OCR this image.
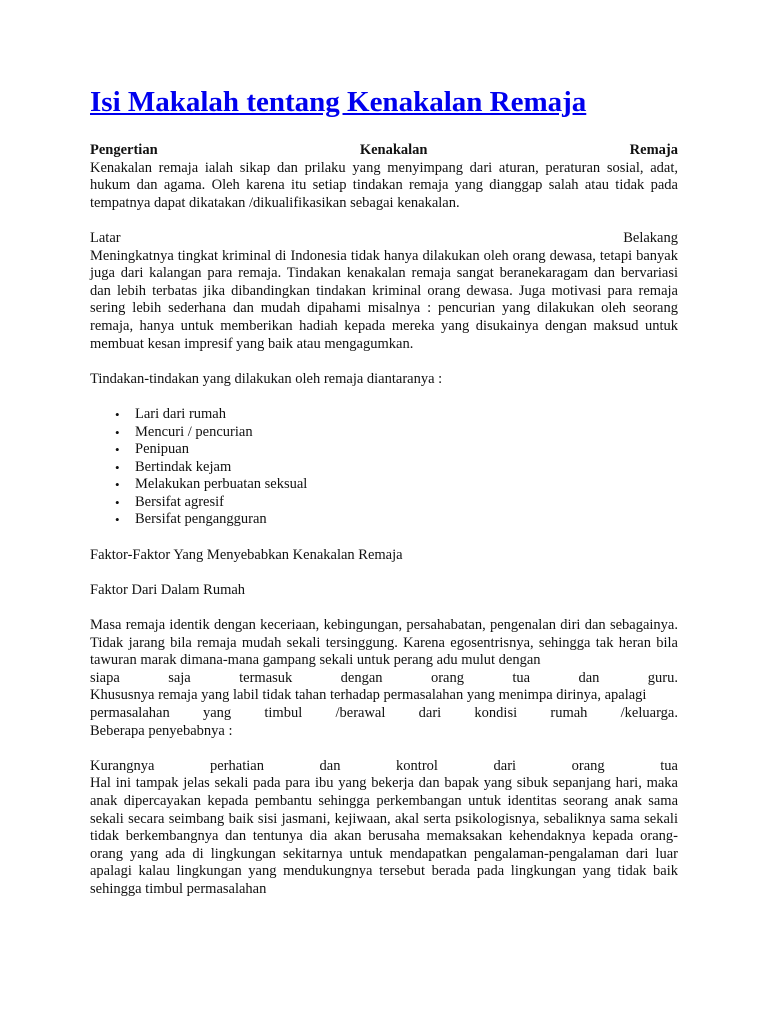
Isi Makalah tentang Kenakalan Remaja
Pengertian	Kenakalan	Remaja

Kenakalan remaja ialah sikap dan prilaku yang menyimpang dari aturan, peraturan sosial, adat, hukum dan agama. Oleh karena itu setiap tindakan remaja yang dianggap salah atau tidak pada tempatnya dapat dikatakan /dikualifikasikan sebagai kenakalan.

Latar	Belakang

Meningkatnya tingkat kriminal di Indonesia tidak hanya dilakukan oleh orang dewasa, tetapi banyak juga dari kalangan para remaja. Tindakan kenakalan remaja sangat beranekaragam dan bervariasi dan lebih terbatas jika dibandingkan tindakan kriminal orang dewasa. Juga motivasi para remaja sering lebih sederhana dan mudah dipahami misalnya : pencurian yang dilakukan oleh seorang remaja, hanya untuk memberikan hadiah kepada mereka yang disukainya dengan maksud untuk membuat kesan impresif yang baik atau mengagumkan.

Tindakan-tindakan yang dilakukan oleh remaja diantaranya :

• Lari dari rumah
• Mencuri / pencurian
• Penipuan
• Bertindak kejam
• Melakukan perbuatan seksual
• Bersifat agresif
• Bersifat pengangguran

Faktor-Faktor Yang Menyebabkan Kenakalan Remaja

Faktor Dari Dalam Rumah

Masa remaja identik dengan keceriaan, kebingungan, persahabatan, pengenalan diri dan sebagainya. Tidak jarang bila remaja mudah sekali tersinggung. Karena egosentrisnya, sehingga tak heran bila tawuran marak dimana-mana gampang sekali untuk perang adu mulut dengan

siapa	saja	termasuk	dengan	orang	tua	dan	guru.

Khususnya remaja yang labil tidak tahan terhadap permasalahan yang menimpa dirinya, apalagi

permasalahan yang timbul /berawal dari kondisi rumah /keluarga.

Beberapa penyebabnya :

Kurangnya	perhatian	dan	kontrol	dari	orang	tua

Hal ini tampak jelas sekali pada para ibu yang bekerja dan bapak yang sibuk sepanjang hari, maka anak dipercayakan kepada pembantu sehingga perkembangan untuk identitas seorang anak sama sekali secara seimbang baik sisi jasmani, kejiwaan, akal serta psikologisnya, sebaliknya sama sekali tidak berkembangnya dan tentunya dia akan berusaha memaksakan kehendaknya kepada orang-orang yang ada di lingkungan sekitarnya untuk mendapatkan pengalaman-pengalaman dari luar apalagi kalau lingkungan yang mendukungnya tersebut berada pada lingkungan yang tidak baik sehingga timbul permasalahan
